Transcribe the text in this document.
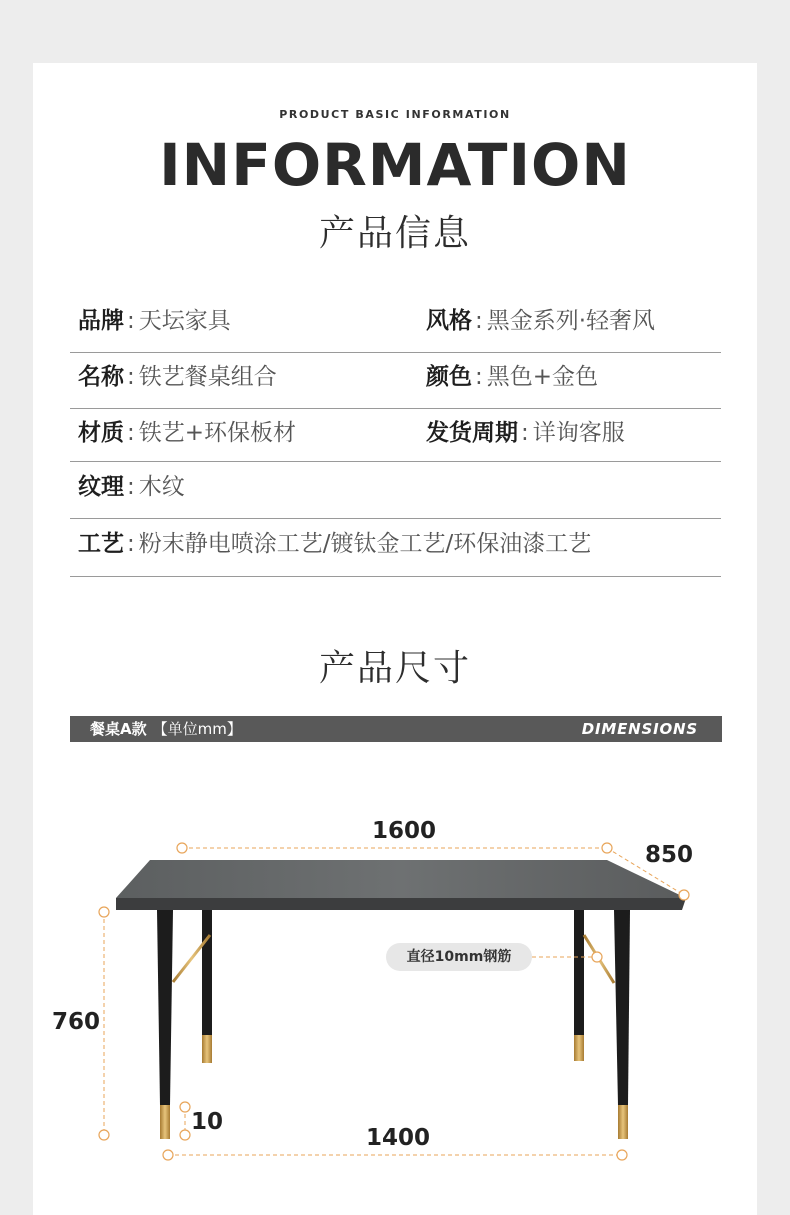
PRODUCT BASIC INFORMATION
INFORMATION
产品信息
品牌 : 天坛家具	风格 : 黑金系列·轻奢风
名称 : 铁艺餐桌组合	颜色 : 黑色+金色
材质 : 铁艺+环保板材	发货周期 : 详询客服
纹理 : 木纹
工艺 : 粉末静电喷涂工艺/镀钛金工艺/环保油漆工艺
产品尺寸
餐桌A款 【单位mm】	DIMENSIONS
1600
850
760
10
1400
直径10mm钢筋
